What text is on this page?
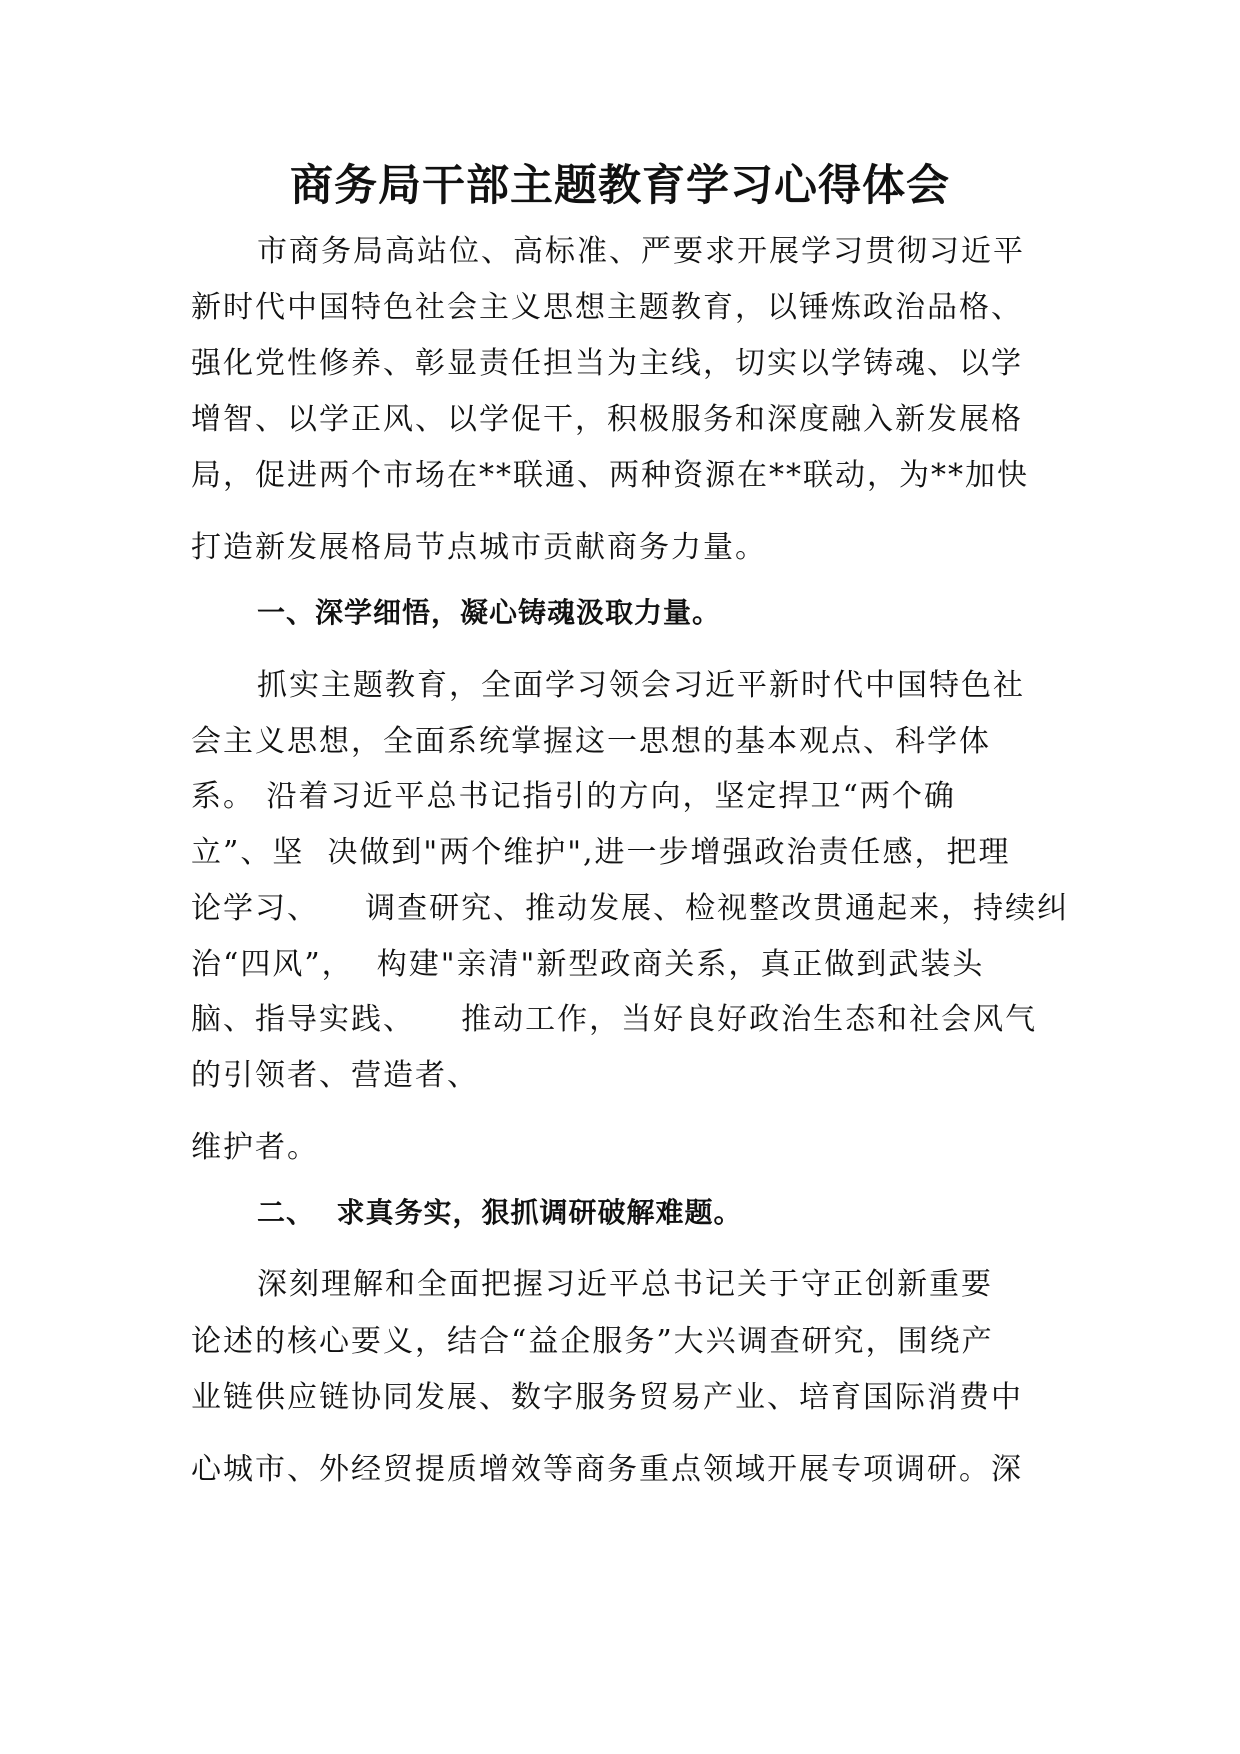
商务局干部主题教育学习心得体会
市商务局高站位、高标准、严要求开展学习贯彻习近平
新时代中国特色社会主义思想主题教育，以锤炼政治品格、
强化党性修养、彰显责任担当为主线，切实以学铸魂、以学
增智、以学正风、以学促干，积极服务和深度融入新发展格
局，促进两个市场在**联通、两种资源在**联动，为**加快
打造新发展格局节点城市贡献商务力量。
一、深学细悟，凝心铸魂汲取力量。
抓实主题教育，全面学习领会习近平新时代中国特色社
会主义思想，全面系统掌握这一思想的基本观点、科学体
系。 沿着习近平总书记指引的方向，坚定捍卫“两个确
立”、坚  决做到"两个维护",进一步增强政治责任感，把理
论学习、    调查研究、推动发展、检视整改贯通起来，持续纠
治“四风”，  构建"亲清"新型政商关系，真正做到武装头
脑、指导实践、    推动工作，当好良好政治生态和社会风气
的引领者、营造者、
维护者。
二、  求真务实，狠抓调研破解难题。
深刻理解和全面把握习近平总书记关于守正创新重要
论述的核心要义，结合“益企服务”大兴调查研究，围绕产
业链供应链协同发展、数字服务贸易产业、培育国际消费中
心城市、外经贸提质增效等商务重点领域开展专项调研。深
